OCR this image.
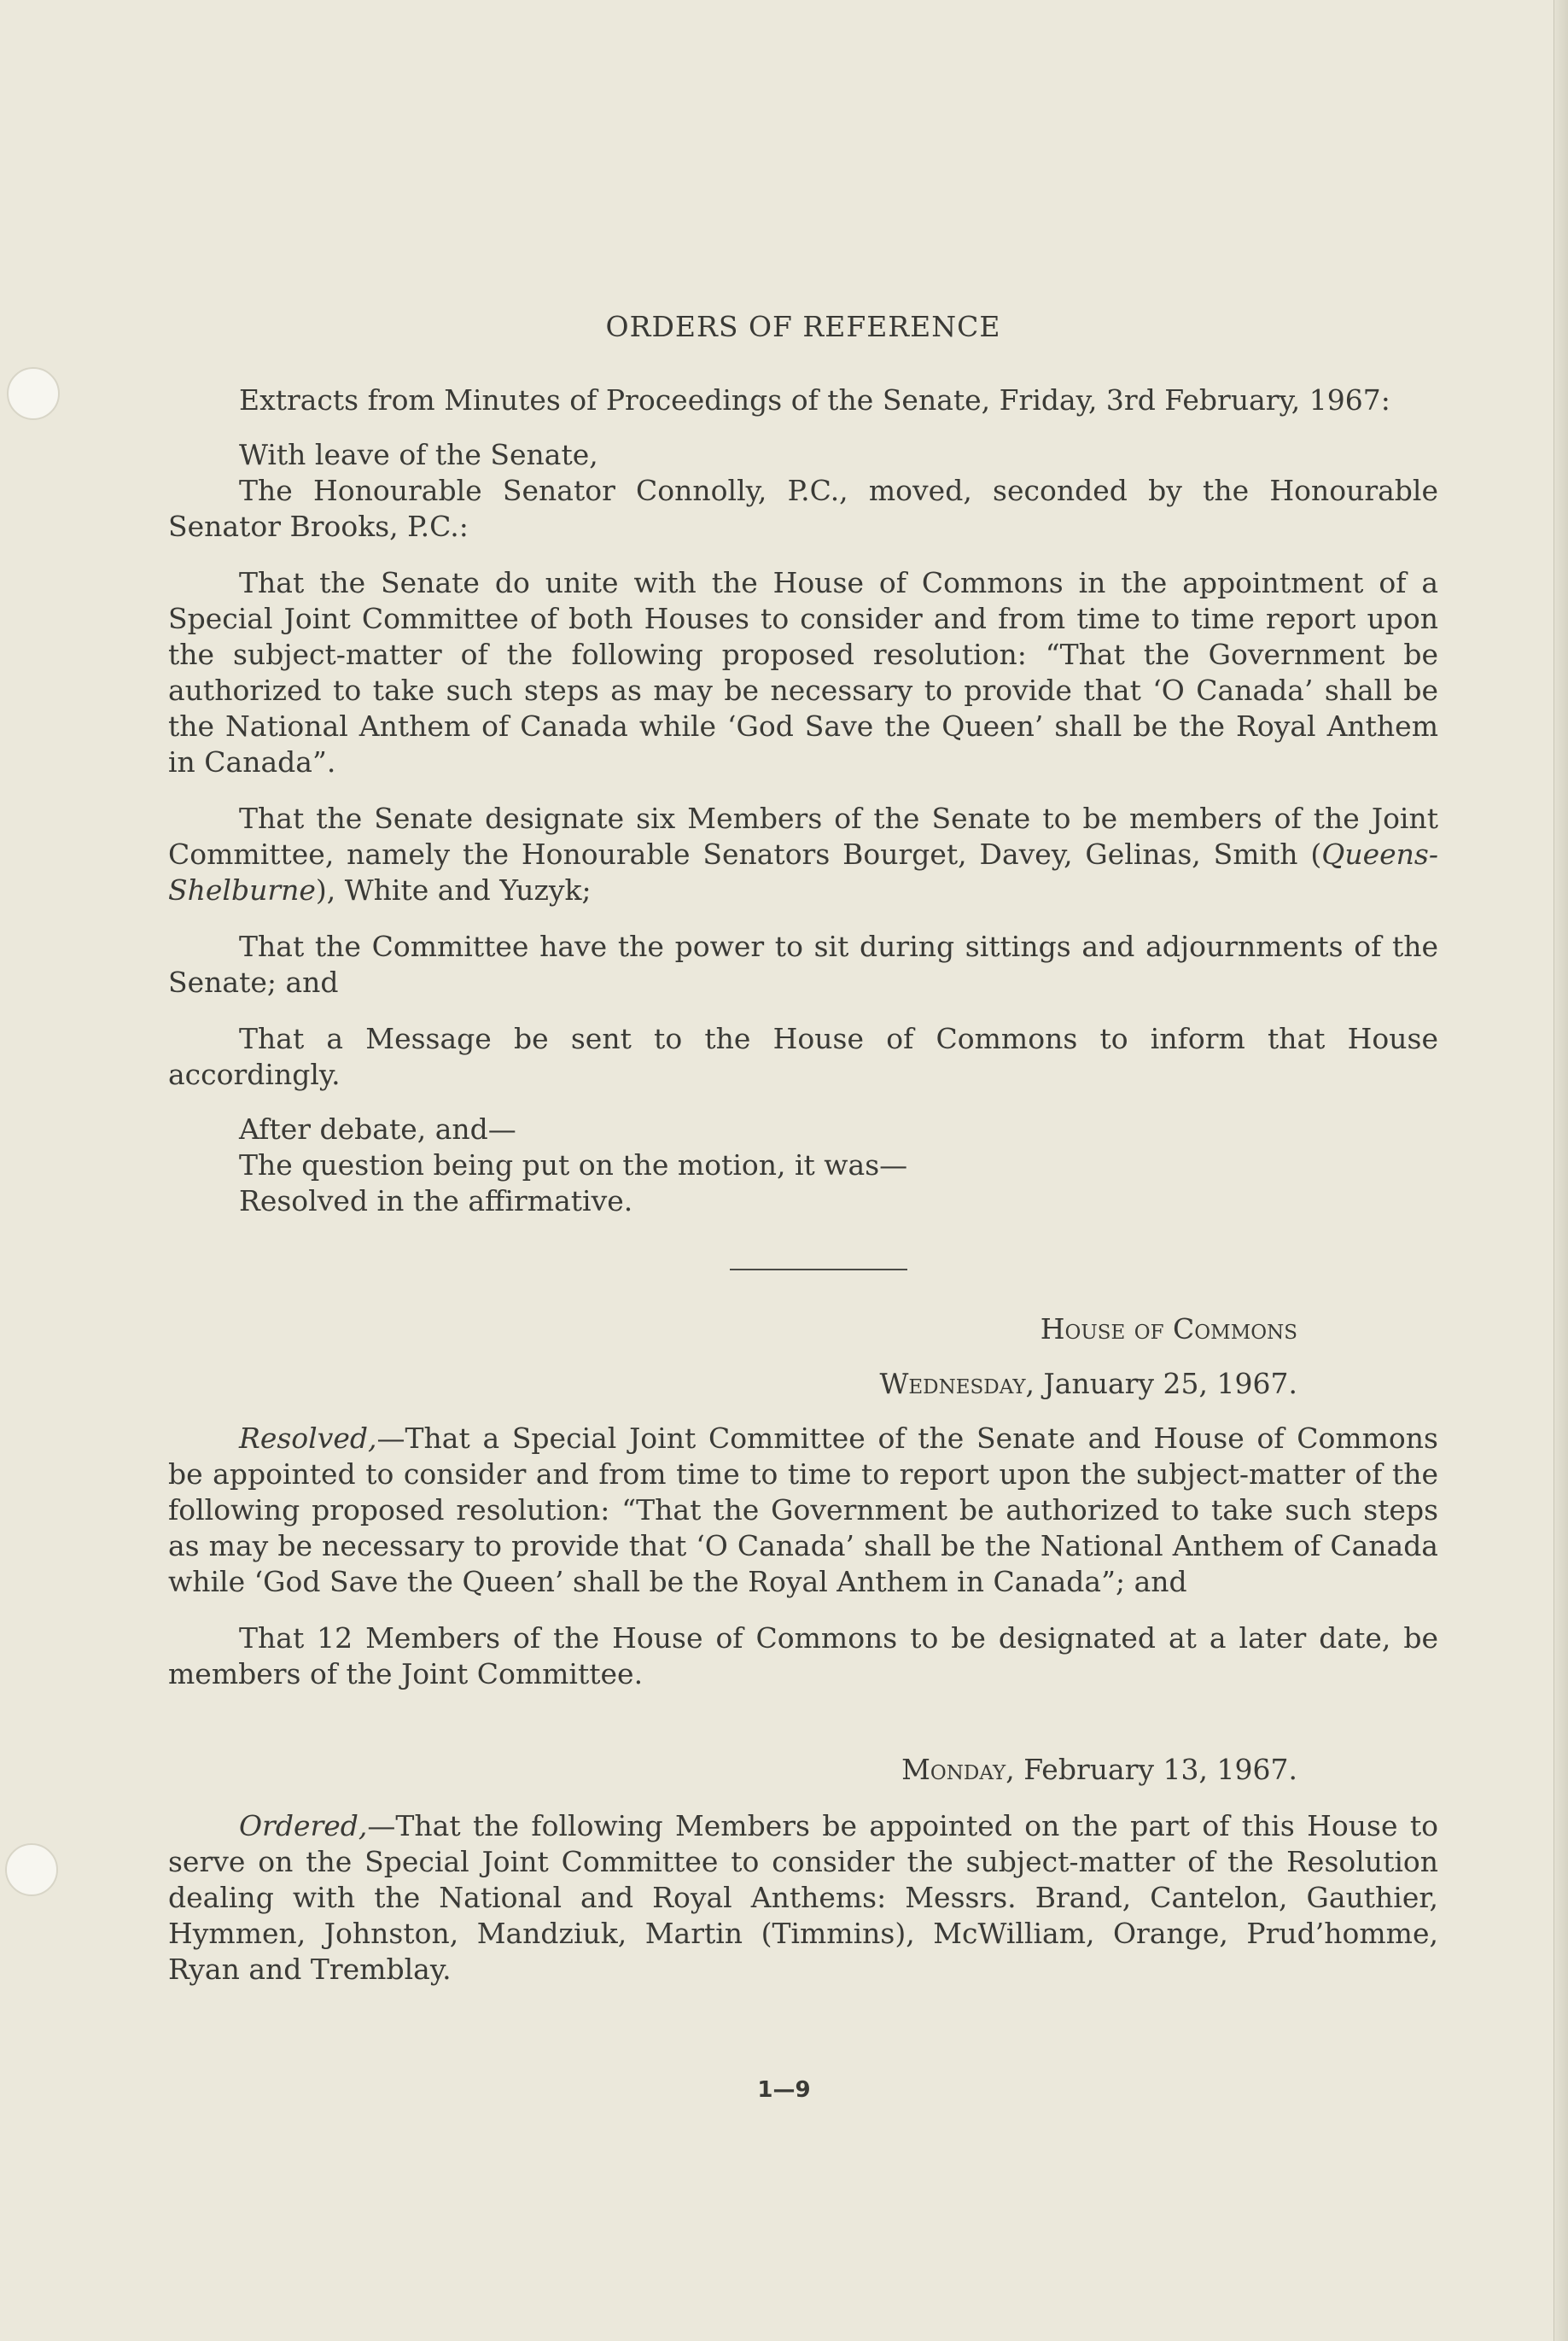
ORDERS OF REFERENCE

Extracts from Minutes of Proceedings of the Senate, Friday, 3rd February, 1967:

With leave of the Senate,

The Honourable Senator Connolly, P.C., moved, seconded by the Honourable Senator Brooks, P.C.:

That the Senate do unite with the House of Commons in the appointment of a Special Joint Committee of both Houses to consider and from time to time report upon the subject-matter of the following proposed resolution: “That the Government be authorized to take such steps as may be necessary to provide that ‘O Canada’ shall be the National Anthem of Canada while ‘God Save the Queen’ shall be the Royal Anthem in Canada”.

That the Senate designate six Members of the Senate to be members of the Joint Committee, namely the Honourable Senators Bourget, Davey, Gelinas, Smith (Queens-Shelburne), White and Yuzyk;

That the Committee have the power to sit during sittings and adjournments of the Senate; and

That a Message be sent to the House of Commons to inform that House accordingly.

After debate, and—

The question being put on the motion, it was—

Resolved in the affirmative.

House of Commons

Wednesday, January 25, 1967.

Resolved,—That a Special Joint Committee of the Senate and House of Commons be appointed to consider and from time to time to report upon the subject-matter of the following proposed resolution: “That the Government be authorized to take such steps as may be necessary to provide that ‘O Canada’ shall be the National Anthem of Canada while ‘God Save the Queen’ shall be the Royal Anthem in Canada”; and

That 12 Members of the House of Commons to be designated at a later date, be members of the Joint Committee.

Monday, February 13, 1967.

Ordered,—That the following Members be appointed on the part of this House to serve on the Special Joint Committee to consider the subject-matter of the Resolution dealing with the National and Royal Anthems: Messrs. Brand, Cantelon, Gauthier, Hymmen, Johnston, Mandziuk, Martin (Timmins), McWilliam, Orange, Prud’homme, Ryan and Tremblay.

1—9
